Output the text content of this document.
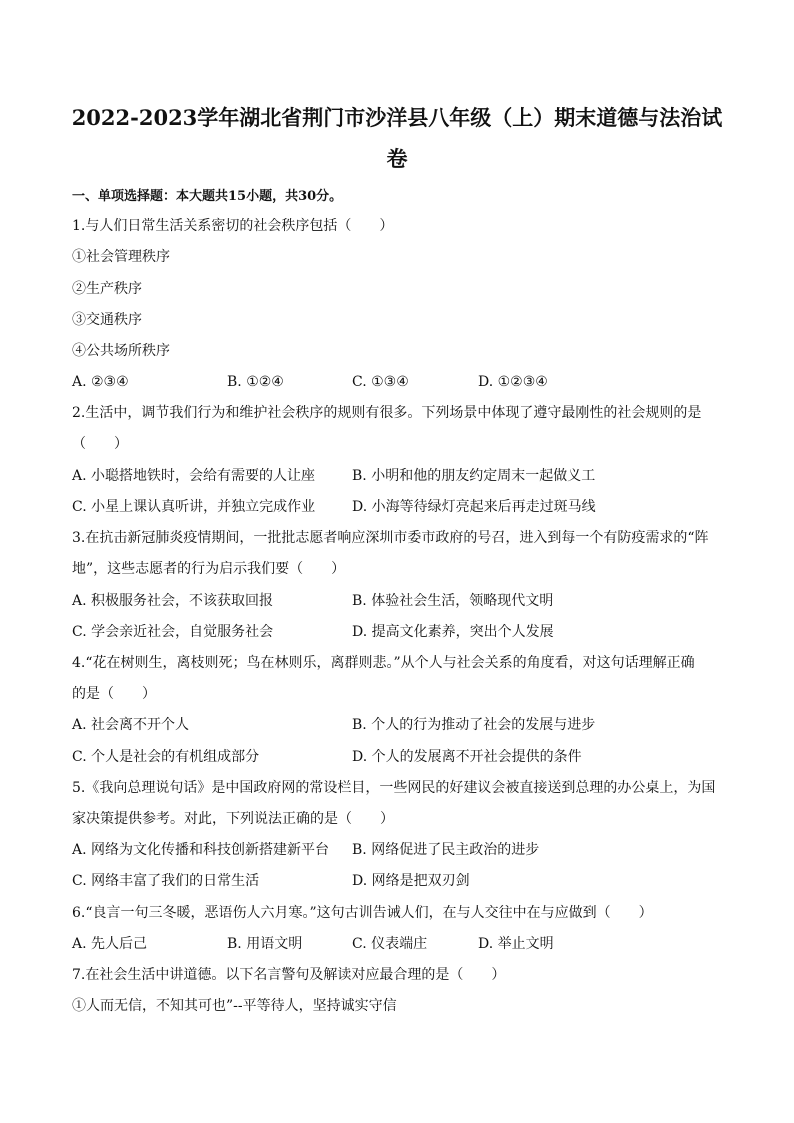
2022-2023学年湖北省荆门市沙洋县八年级（上）期末道德与法治试
卷
一、单项选择题：本大题共15小题，共30分。
1.与人们日常生活关系密切的社会秩序包括（　　）
①社会管理秩序
②生产秩序
③交通秩序
④公共场所秩序
A. ②③④	B. ①②④	C. ①③④	D. ①②③④
2.生活中，调节我们行为和维护社会秩序的规则有很多。下列场景中体现了遵守最刚性的社会规则的是
（　　）
A. 小聪搭地铁时，会给有需要的人让座	B. 小明和他的朋友约定周末一起做义工
C. 小星上课认真听讲，并独立完成作业	D. 小海等待绿灯亮起来后再走过斑马线
3.在抗击新冠肺炎疫情期间，一批批志愿者响应深圳市委市政府的号召，进入到每一个有防疫需求的“阵
地”，这些志愿者的行为启示我们要（　　）
A. 积极服务社会，不该获取回报	B. 体验社会生活，领略现代文明
C. 学会亲近社会，自觉服务社会	D. 提高文化素养，突出个人发展
4.“花在树则生，离枝则死；鸟在林则乐，离群则悲。”从个人与社会关系的角度看，对这句话理解正确
的是（　　）
A. 社会离不开个人	B. 个人的行为推动了社会的发展与进步
C. 个人是社会的有机组成部分	D. 个人的发展离不开社会提供的条件
5.《我向总理说句话》是中国政府网的常设栏目，一些网民的好建议会被直接送到总理的办公桌上，为国
家决策提供参考。对此，下列说法正确的是（　　）
A. 网络为文化传播和科技创新搭建新平台 B. 网络促进了民主政治的进步
C. 网络丰富了我们的日常生活	D. 网络是把双刃剑
6.“良言一句三冬暖，恶语伤人六月寒。”这句古训告诫人们，在与人交往中在与应做到（　　）
A. 先人后己	B. 用语文明	C. 仪表端庄	D. 举止文明
7.在社会生活中讲道德。以下名言警句及解读对应最合理的是（　　）
①人而无信，不知其可也”--平等待人，坚持诚实守信
